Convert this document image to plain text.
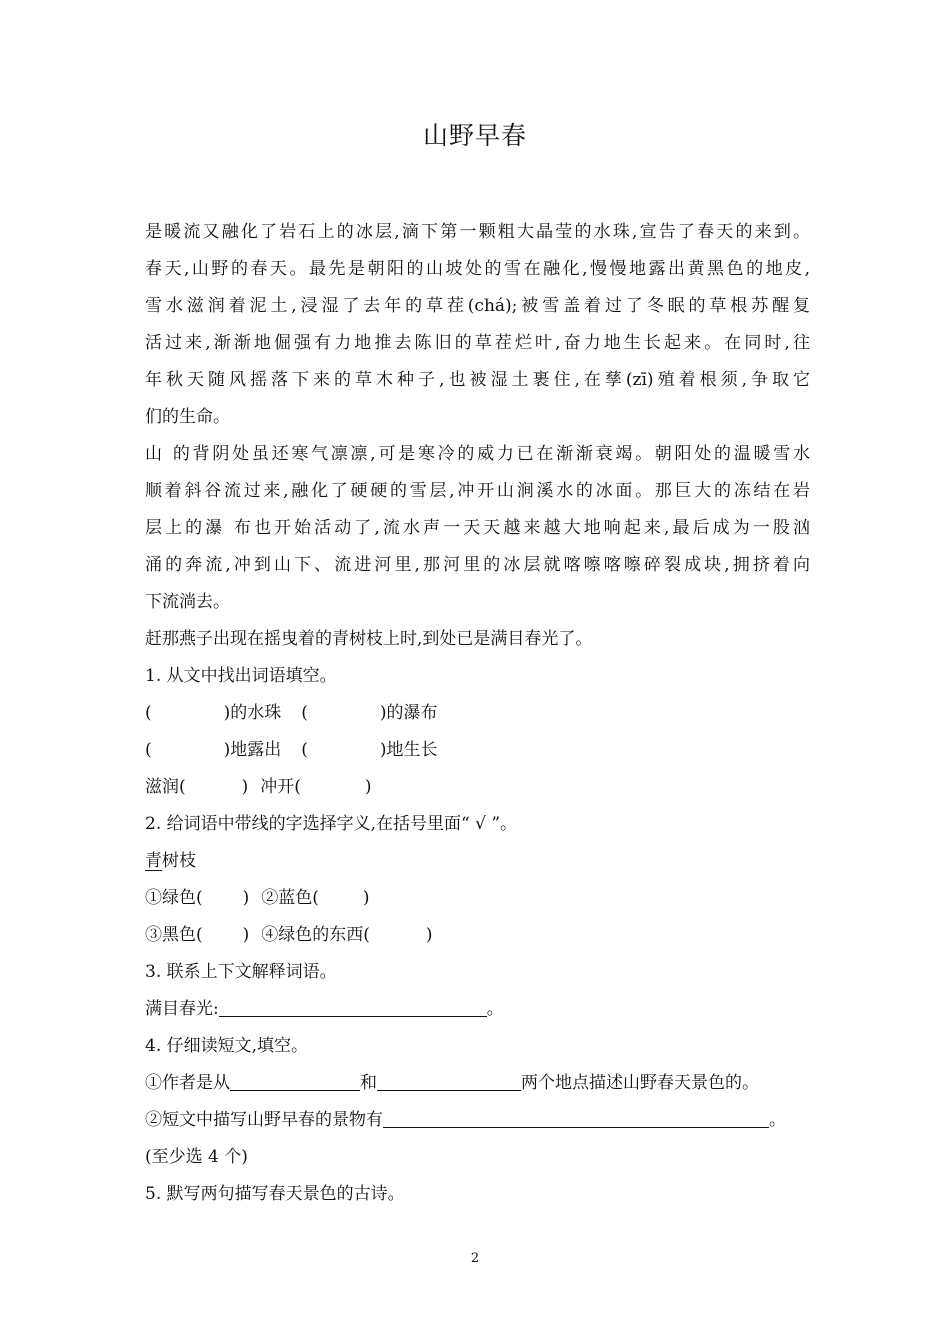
山野早春
是暖流又融化了岩石上的冰层,滴下第一颗粗大晶莹的水珠,宣告了春天的来到。
春天,山野的春天。最先是朝阳的山坡处的雪在融化,慢慢地露出黄黑色的地皮,
雪水滋润着泥土,浸湿了去年的草茬(chá);被雪盖着过了冬眠的草根苏醒复
活过来,渐渐地倔强有力地推去陈旧的草茬烂叶,奋力地生长起来。在同时,往
年秋天随风摇落下来的草木种子,也被湿土裹住,在孳(zī)殖着根须,争取它
们的生命。
山 的背阴处虽还寒气凛凛,可是寒冷的威力已在渐渐衰竭。朝阳处的温暖雪水
顺着斜谷流过来,融化了硬硬的雪层,冲开山涧溪水的冰面。那巨大的冻结在岩
层上的瀑 布也开始活动了,流水声一天天越来越大地响起来,最后成为一股汹
涌的奔流,冲到山下、流进河里,那河里的冰层就喀嚓喀嚓碎裂成块,拥挤着向
下流淌去。
赶那燕子出现在摇曳着的青树枝上时,到处已是满目春光了。
1. 从文中找出词语填空。
(	)的水珠 (	)的瀑布
(	)地露出 (	)地生长
滋润(	) 冲开(	)
2. 给词语中带线的字选择字义,在括号里面“ √ ”。
青树枝
①绿色( ) ②蓝色(	)
③黑色( ) ④绿色的东西(	)
3. 联系上下文解释词语。
满目春光:	。
4. 仔细读短文,填空。
①作者是从	和	两个地点描述山野春天景色的。
②短文中描写山野早春的景物有	。
(至少选 4 个)
5. 默写两句描写春天景色的古诗。
2
